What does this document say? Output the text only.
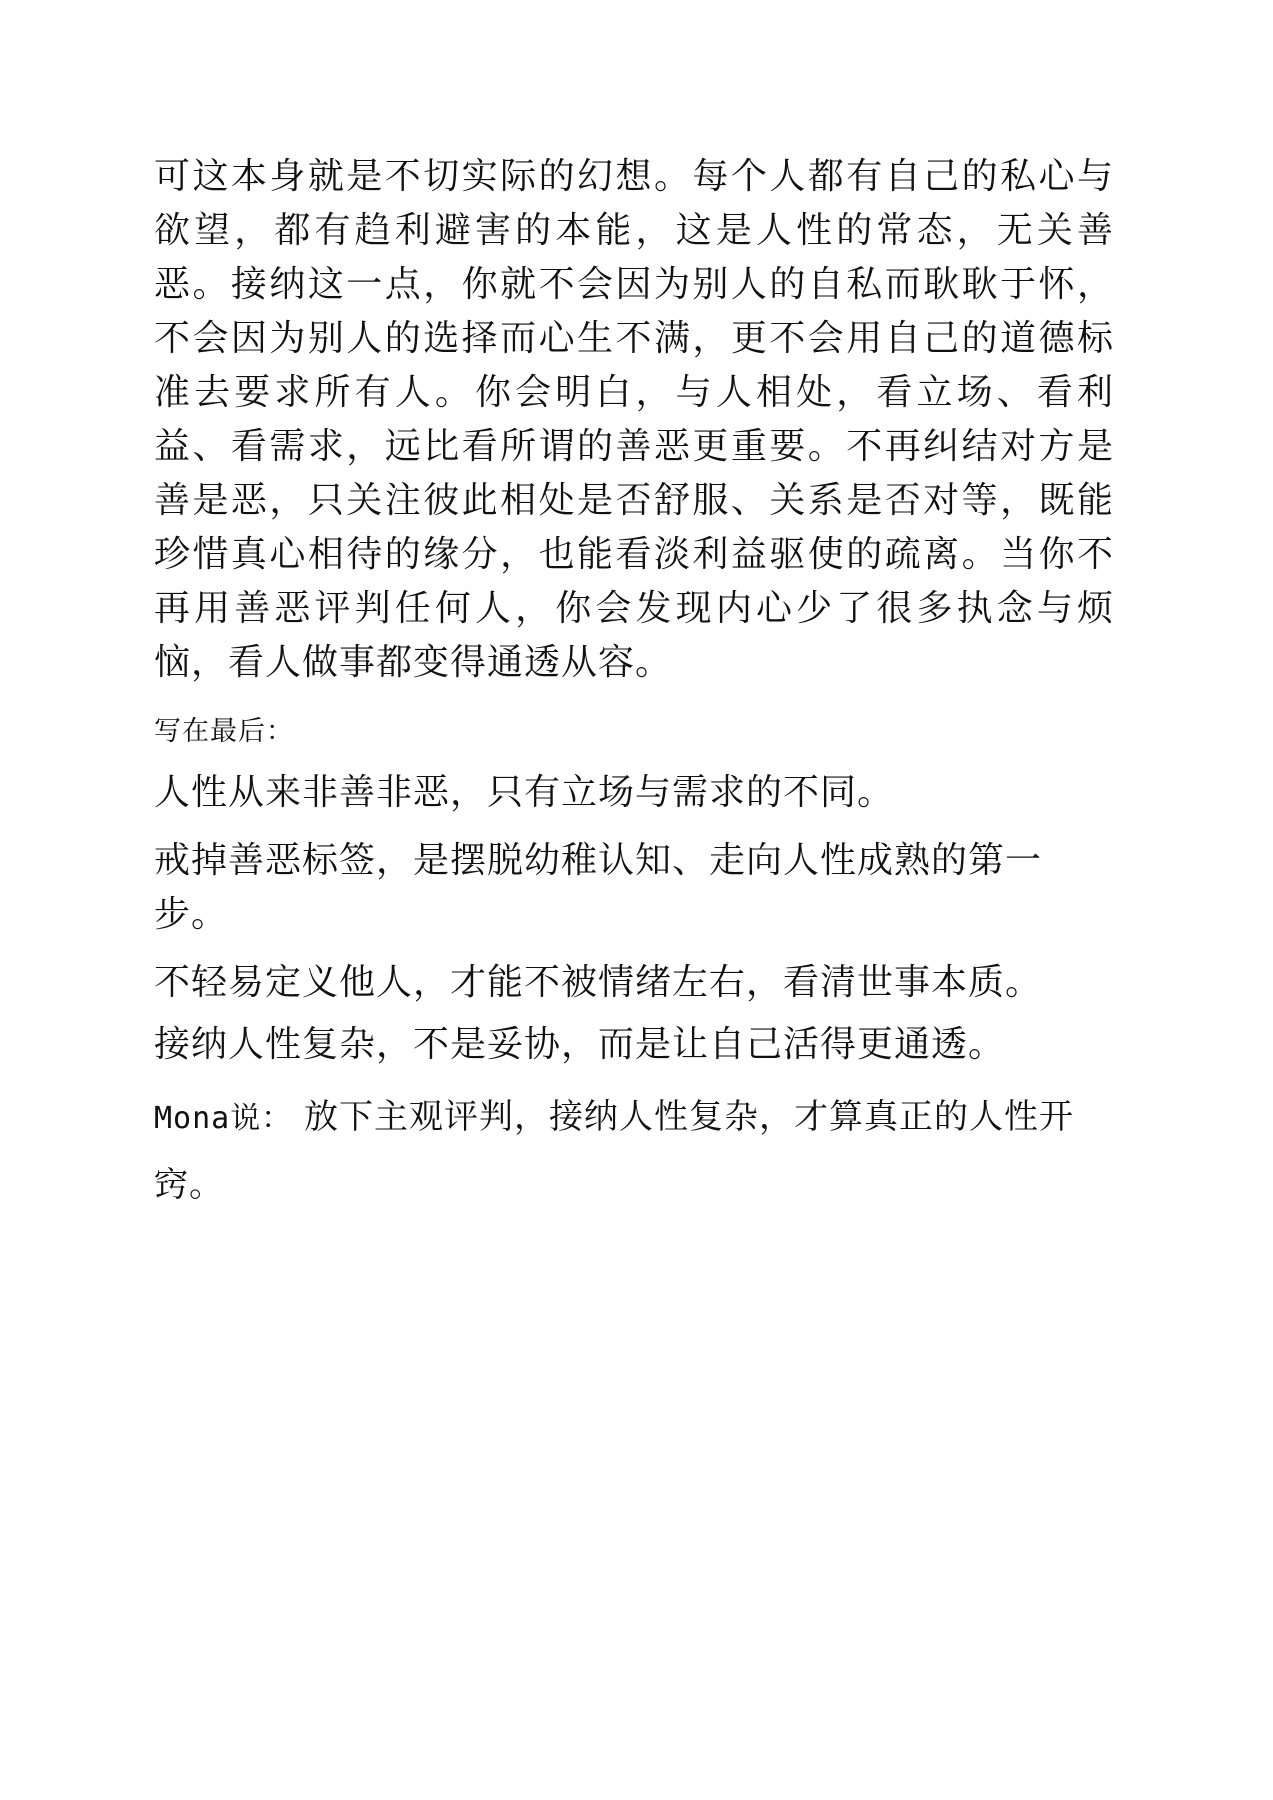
可这本身就是不切实际的幻想。每个人都有自己的私心与欲望，都有趋利避害的本能，这是人性的常态，无关善恶。接纳这一点，你就不会因为别人的自私而耿耿于怀，不会因为别人的选择而心生不满，更不会用自己的道德标准去要求所有人。你会明白，与人相处，看立场、看利益、看需求，远比看所谓的善恶更重要。不再纠结对方是善是恶，只关注彼此相处是否舒服、关系是否对等，既能珍惜真心相待的缘分，也能看淡利益驱使的疏离。当你不再用善恶评判任何人，你会发现内心少了很多执念与烦恼，看人做事都变得通透从容。

写在最后：

人性从来非善非恶，只有立场与需求的不同。

戒掉善恶标签，是摆脱幼稚认知、走向人性成熟的第一步。

不轻易定义他人，才能不被情绪左右，看清世事本质。

接纳人性复杂，不是妥协，而是让自己活得更通透。

Mona说： 放下主观评判，接纳人性复杂，才算真正的人性开窍。
